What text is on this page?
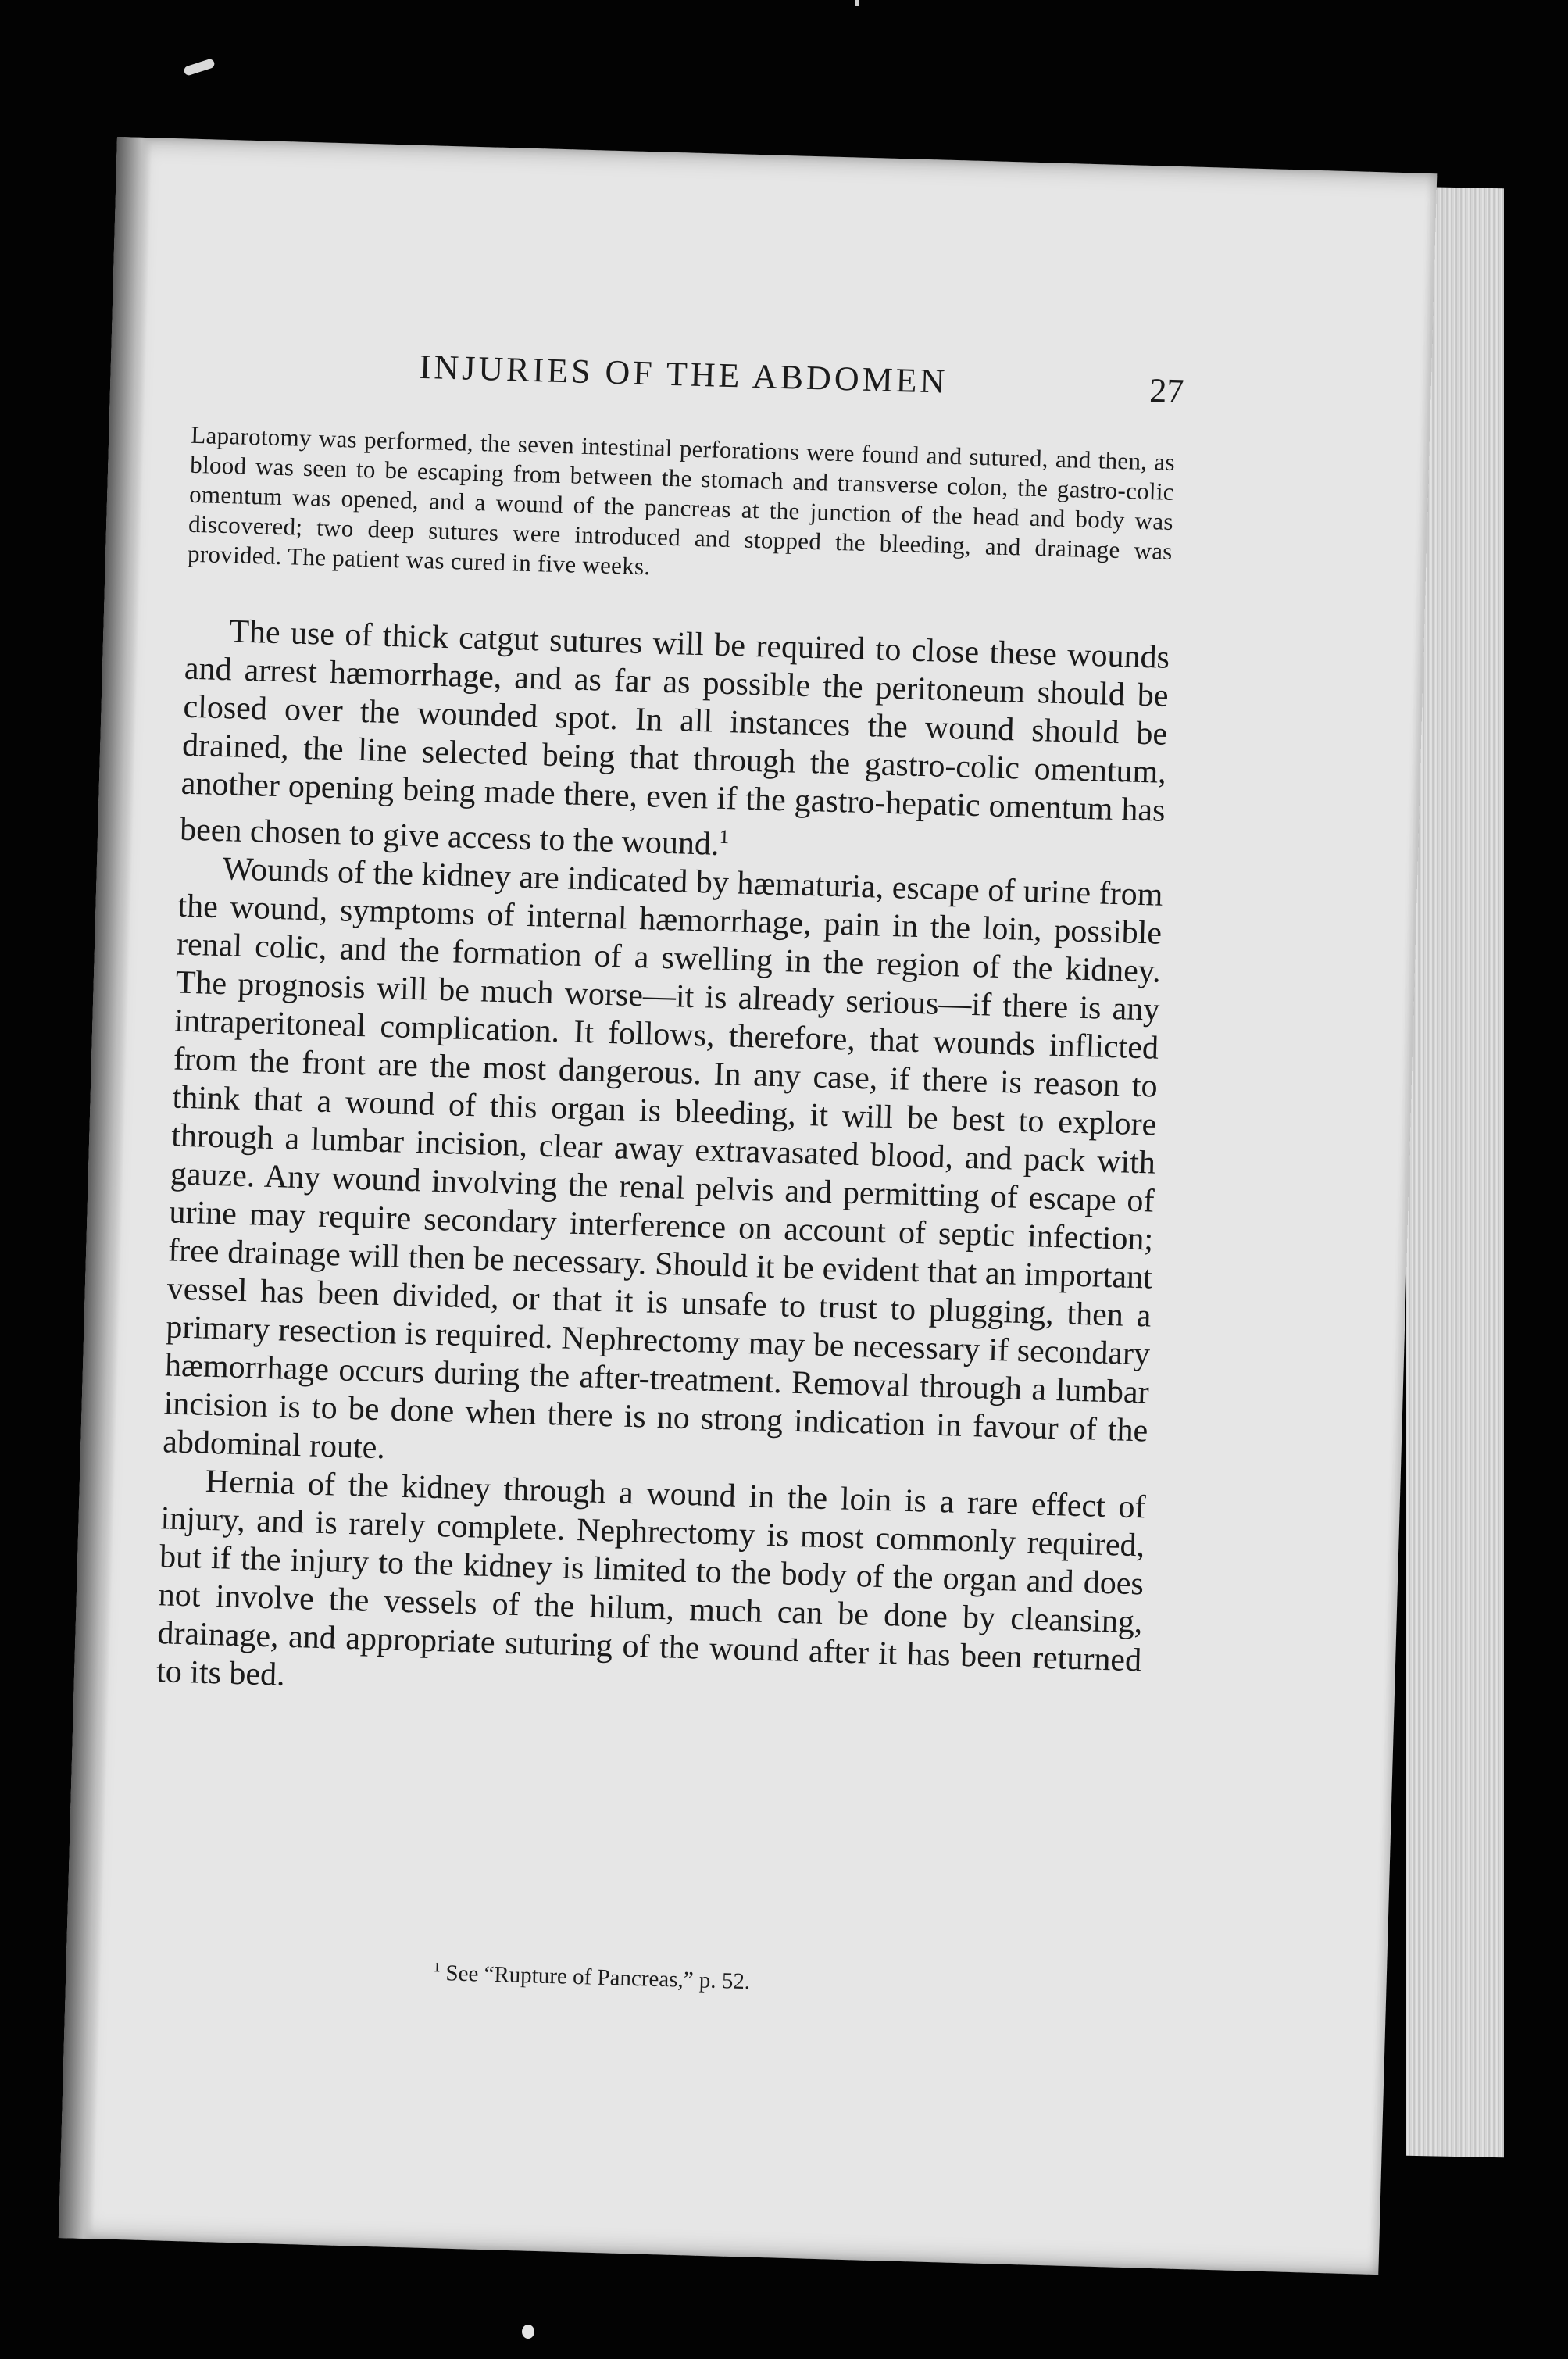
INJURIES OF THE ABDOMEN	27

Laparotomy was performed, the seven intestinal perforations were found and sutured, and then, as blood was seen to be escaping from between the stomach and transverse colon, the gastro-colic omentum was opened, and a wound of the pancreas at the junction of the head and body was discovered; two deep sutures were introduced and stopped the bleeding, and drainage was provided. The patient was cured in five weeks.

The use of thick catgut sutures will be required to close these wounds and arrest hæmorrhage, and as far as possible the peritoneum should be closed over the wounded spot. In all instances the wound should be drained, the line selected being that through the gastro-colic omentum, another opening being made there, even if the gastro-hepatic omentum has been chosen to give access to the wound.$^1$

Wounds of the kidney are indicated by hæmaturia, escape of urine from the wound, symptoms of internal hæmorrhage, pain in the loin, possible renal colic, and the formation of a swelling in the region of the kidney. The prognosis will be much worse—it is already serious—if there is any intraperitoneal complication. It follows, therefore, that wounds inflicted from the front are the most dangerous. In any case, if there is reason to think that a wound of this organ is bleeding, it will be best to explore through a lumbar incision, clear away extravasated blood, and pack with gauze. Any wound involving the renal pelvis and permitting of escape of urine may require secondary interference on account of septic infection; free drainage will then be necessary. Should it be evident that an important vessel has been divided, or that it is unsafe to trust to plugging, then a primary resection is required. Nephrectomy may be necessary if secondary hæmorrhage occurs during the after-treatment. Removal through a lumbar incision is to be done when there is no strong indication in favour of the abdominal route.

Hernia of the kidney through a wound in the loin is a rare effect of injury, and is rarely complete. Nephrectomy is most commonly required, but if the injury to the kidney is limited to the body of the organ and does not involve the vessels of the hilum, much can be done by cleansing, drainage, and appropriate suturing of the wound after it has been returned to its bed.

$^1$ See “Rupture of Pancreas,” p. 52.
